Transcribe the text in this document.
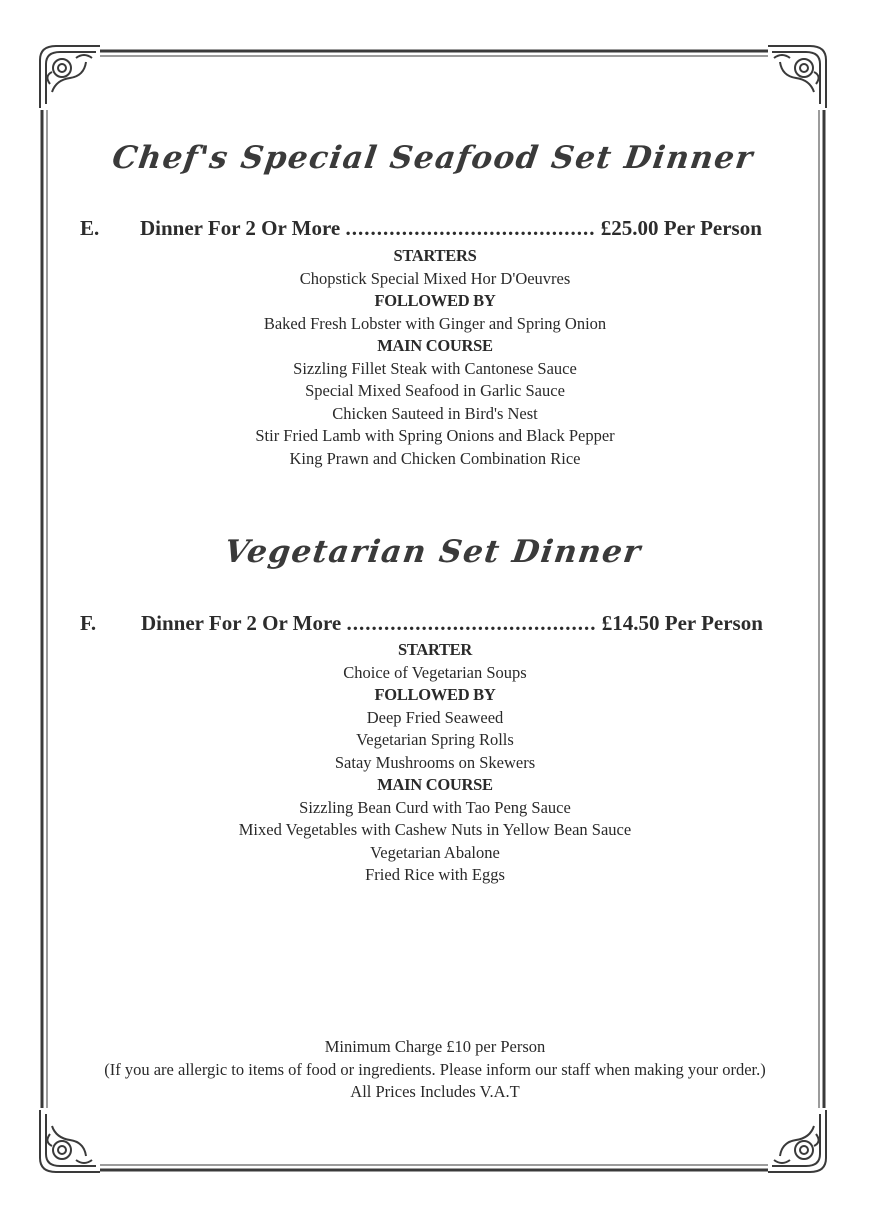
Chef's Special Seafood Set Dinner
E. Dinner For 2 Or More ........................................ £25.00 Per Person
STARTERS
Chopstick Special Mixed Hor D'Oeuvres
FOLLOWED BY
Baked Fresh Lobster with Ginger and Spring Onion
MAIN COURSE
Sizzling Fillet Steak with Cantonese Sauce
Special Mixed Seafood in Garlic Sauce
Chicken Sauteed in Bird's Nest
Stir Fried Lamb with Spring Onions and Black Pepper
King Prawn and Chicken Combination Rice
Vegetarian Set Dinner
F. Dinner For 2 Or More ........................................ £14.50 Per Person
STARTER
Choice of Vegetarian Soups
FOLLOWED BY
Deep Fried Seaweed
Vegetarian Spring Rolls
Satay Mushrooms on Skewers
MAIN COURSE
Sizzling Bean Curd with Tao Peng Sauce
Mixed Vegetables with Cashew Nuts in Yellow Bean Sauce
Vegetarian Abalone
Fried Rice with Eggs
Minimum Charge £10 per Person
(If you are allergic to items of food or ingredients. Please inform our staff when making your order.)
All Prices Includes V.A.T
